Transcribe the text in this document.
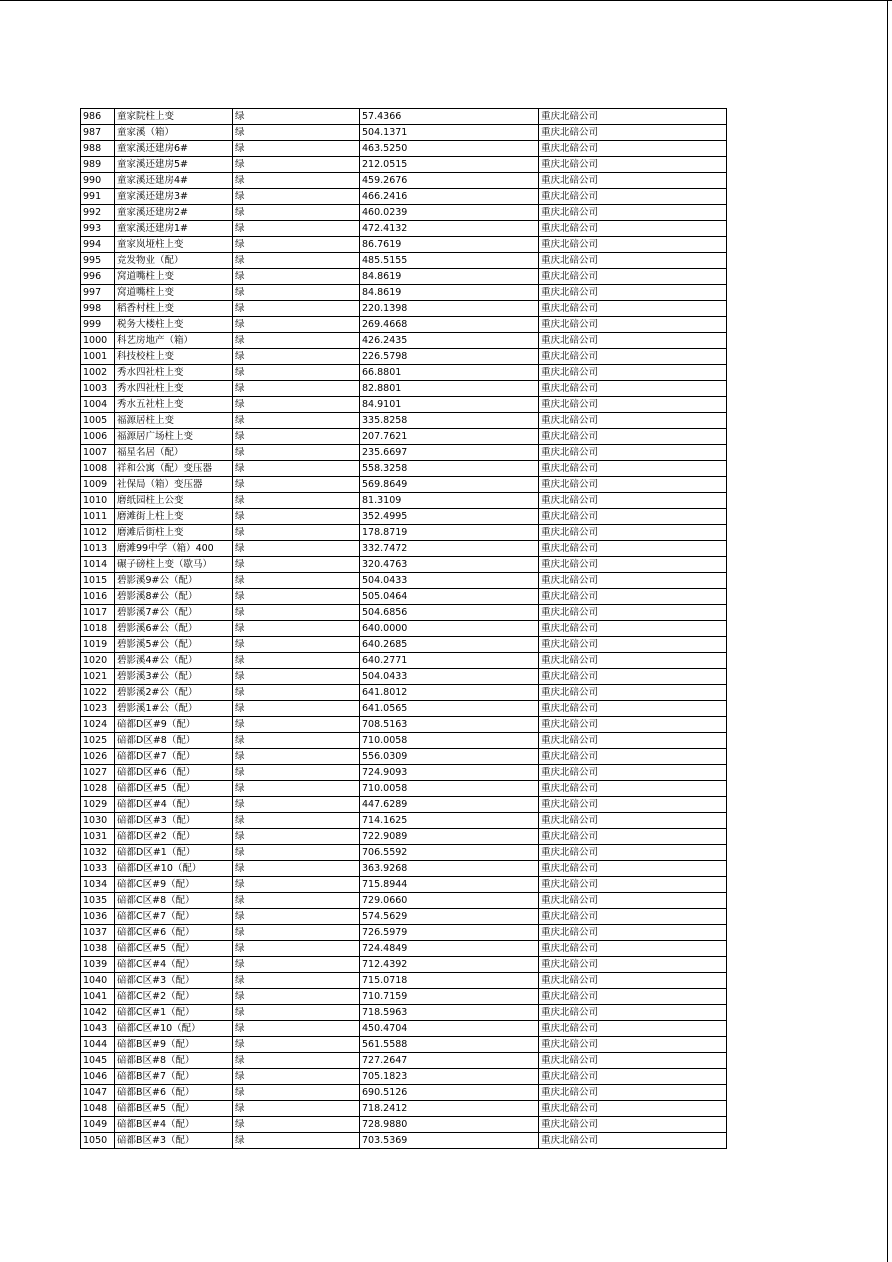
986	童家院柱上变	绿	57.4366	重庆北碚公司
987	童家溪（箱）	绿	504.1371	重庆北碚公司
988	童家溪还建房6#	绿	463.5250	重庆北碚公司
989	童家溪还建房5#	绿	212.0515	重庆北碚公司
990	童家溪还建房4#	绿	459.2676	重庆北碚公司
991	童家溪还建房3#	绿	466.2416	重庆北碚公司
992	童家溪还建房2#	绿	460.0239	重庆北碚公司
993	童家溪还建房1#	绿	472.4132	重庆北碚公司
994	童家岚垭柱上变	绿	86.7619	重庆北碚公司
995	竞发物业（配）	绿	485.5155	重庆北碚公司
996	窝道嘴柱上变	绿	84.8619	重庆北碚公司
997	窝道嘴柱上变	绿	84.8619	重庆北碚公司
998	稻香村柱上变	绿	220.1398	重庆北碚公司
999	税务大楼柱上变	绿	269.4668	重庆北碚公司
1000	科艺房地产（箱）	绿	426.2435	重庆北碚公司
1001	科技校柱上变	绿	226.5798	重庆北碚公司
1002	秀水四社柱上变	绿	66.8801	重庆北碚公司
1003	秀水四社柱上变	绿	82.8801	重庆北碚公司
1004	秀水五社柱上变	绿	84.9101	重庆北碚公司
1005	福源居柱上变	绿	335.8258	重庆北碚公司
1006	福源居广场柱上变	绿	207.7621	重庆北碚公司
1007	福星名居（配）	绿	235.6697	重庆北碚公司
1008	祥和公寓（配）变压器	绿	558.3258	重庆北碚公司
1009	社保局（箱）变压器	绿	569.8649	重庆北碚公司
1010	磨纸园柱上公变	绿	81.3109	重庆北碚公司
1011	磨滩街上柱上变	绿	352.4995	重庆北碚公司
1012	磨滩后街柱上变	绿	178.8719	重庆北碚公司
1013	磨滩99中学（箱）400	绿	332.7472	重庆北碚公司
1014	碾子磅柱上变（歇马）	绿	320.4763	重庆北碚公司
1015	碧影溪9#公（配）	绿	504.0433	重庆北碚公司
1016	碧影溪8#公（配）	绿	505.0464	重庆北碚公司
1017	碧影溪7#公（配）	绿	504.6856	重庆北碚公司
1018	碧影溪6#公（配）	绿	640.0000	重庆北碚公司
1019	碧影溪5#公（配）	绿	640.2685	重庆北碚公司
1020	碧影溪4#公（配）	绿	640.2771	重庆北碚公司
1021	碧影溪3#公（配）	绿	504.0433	重庆北碚公司
1022	碧影溪2#公（配）	绿	641.8012	重庆北碚公司
1023	碧影溪1#公（配）	绿	641.0565	重庆北碚公司
1024	碚都D区#9（配）	绿	708.5163	重庆北碚公司
1025	碚都D区#8（配）	绿	710.0058	重庆北碚公司
1026	碚都D区#7（配）	绿	556.0309	重庆北碚公司
1027	碚都D区#6（配）	绿	724.9093	重庆北碚公司
1028	碚都D区#5（配）	绿	710.0058	重庆北碚公司
1029	碚都D区#4（配）	绿	447.6289	重庆北碚公司
1030	碚都D区#3（配）	绿	714.1625	重庆北碚公司
1031	碚都D区#2（配）	绿	722.9089	重庆北碚公司
1032	碚都D区#1（配）	绿	706.5592	重庆北碚公司
1033	碚都D区#10（配）	绿	363.9268	重庆北碚公司
1034	碚都C区#9（配）	绿	715.8944	重庆北碚公司
1035	碚都C区#8（配）	绿	729.0660	重庆北碚公司
1036	碚都C区#7（配）	绿	574.5629	重庆北碚公司
1037	碚都C区#6（配）	绿	726.5979	重庆北碚公司
1038	碚都C区#5（配）	绿	724.4849	重庆北碚公司
1039	碚都C区#4（配）	绿	712.4392	重庆北碚公司
1040	碚都C区#3（配）	绿	715.0718	重庆北碚公司
1041	碚都C区#2（配）	绿	710.7159	重庆北碚公司
1042	碚都C区#1（配）	绿	718.5963	重庆北碚公司
1043	碚都C区#10（配）	绿	450.4704	重庆北碚公司
1044	碚都B区#9（配）	绿	561.5588	重庆北碚公司
1045	碚都B区#8（配）	绿	727.2647	重庆北碚公司
1046	碚都B区#7（配）	绿	705.1823	重庆北碚公司
1047	碚都B区#6（配）	绿	690.5126	重庆北碚公司
1048	碚都B区#5（配）	绿	718.2412	重庆北碚公司
1049	碚都B区#4（配）	绿	728.9880	重庆北碚公司
1050	碚都B区#3（配）	绿	703.5369	重庆北碚公司
